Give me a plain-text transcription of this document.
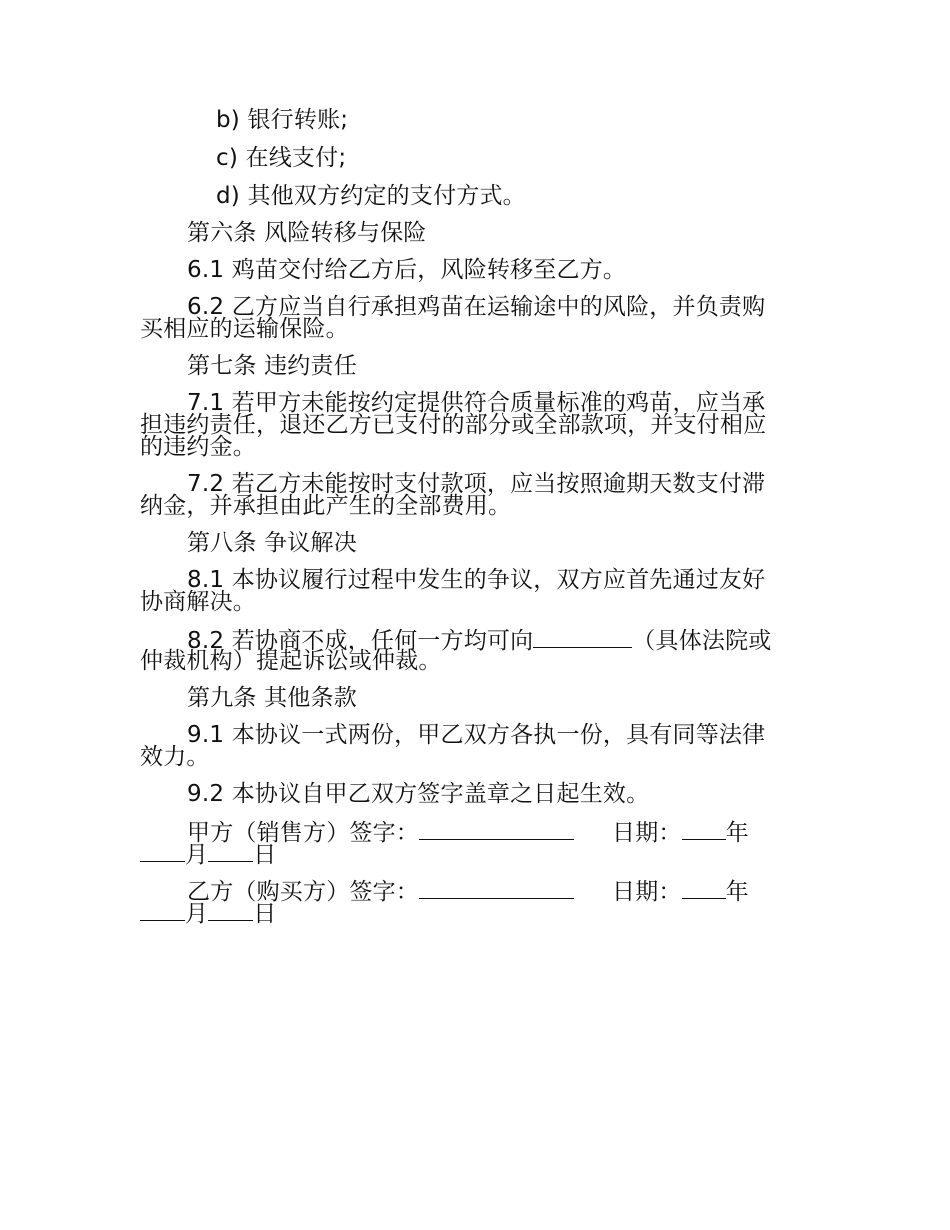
b) 银行转账;
c) 在线支付;
d) 其他双方约定的支付方式。
第六条 风险转移与保险
6.1 鸡苗交付给乙方后，风险转移至乙方。
6.2 乙方应当自行承担鸡苗在运输途中的风险，并负责购
买相应的运输保险。
第七条 违约责任
7.1 若甲方未能按约定提供符合质量标准的鸡苗，应当承
担违约责任，退还乙方已支付的部分或全部款项，并支付相应
的违约金。
7.2 若乙方未能按时支付款项，应当按照逾期天数支付滞
纳金，并承担由此产生的全部费用。
第八条 争议解决
8.1 本协议履行过程中发生的争议，双方应首先通过友好
协商解决。
8.2 若协商不成，任何一方均可向	（具体法院或
仲裁机构）提起诉讼或仲裁。
第九条 其他条款
9.1 本协议一式两份，甲乙双方各执一份，具有同等法律
效力。
9.2 本协议自甲乙双方签字盖章之日起生效。
甲方（销售方）签字：	日期： 年
月 日
乙方（购买方）签字：	日期： 年
月 日
